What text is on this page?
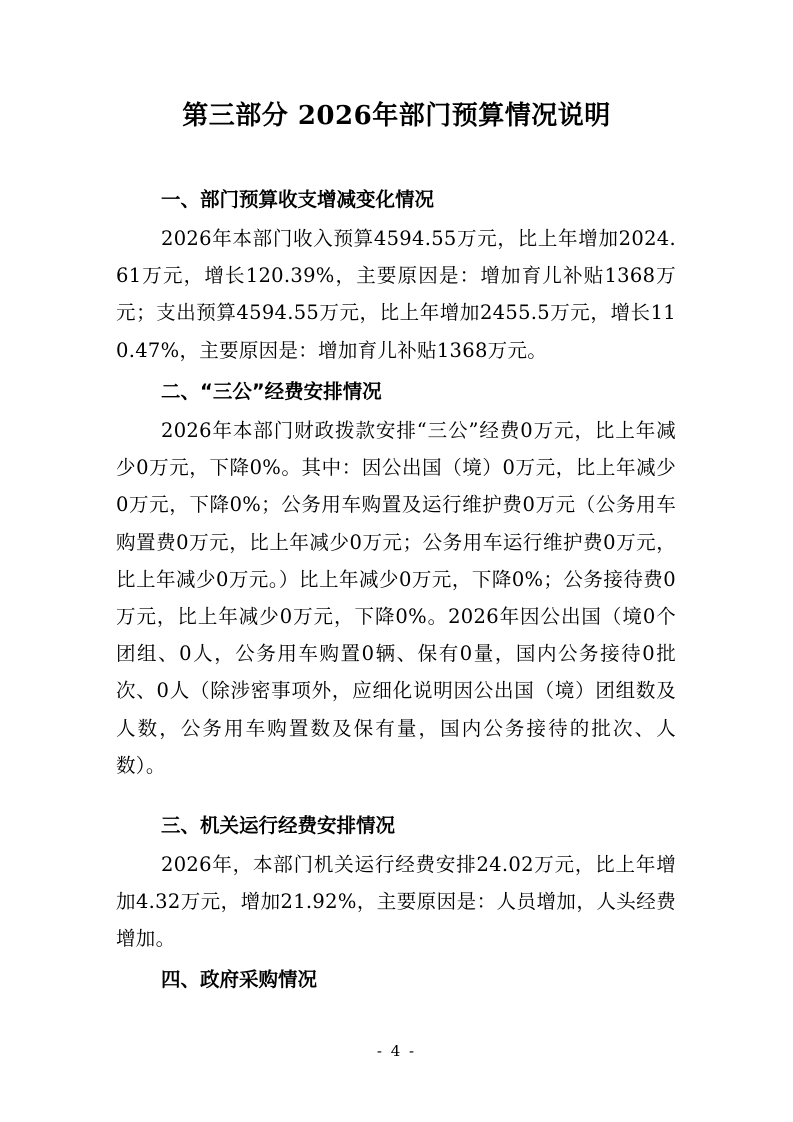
第三部分 2026年部门预算情况说明
一、部门预算收支增减变化情况
2026年本部门收入预算4594.55万元，比上年增加2024.61万元，增长120.39%，主要原因是：增加育儿补贴1368万元；支出预算4594.55万元，比上年增加2455.5万元，增长110.47%，主要原因是：增加育儿补贴1368万元。
二、“三公”经费安排情况
2026年本部门财政拨款安排“三公”经费0万元，比上年减少0万元，下降0%。其中：因公出国（境）0万元，比上年减少0万元，下降0%；公务用车购置及运行维护费0万元（公务用车购置费0万元，比上年减少0万元；公务用车运行维护费0万元，比上年减少0万元。）比上年减少0万元，下降0%；公务接待费0万元，比上年减少0万元，下降0%。2026年因公出国（境0个团组、0人，公务用车购置0辆、保有0量，国内公务接待0批次、0人（除涉密事项外，应细化说明因公出国（境）团组数及人数，公务用车购置数及保有量，国内公务接待的批次、人数）。
三、机关运行经费安排情况
2026年，本部门机关运行经费安排24.02万元，比上年增加4.32万元，增加21.92%，主要原因是：人员增加，人头经费增加。
四、政府采购情况
- 4 -
